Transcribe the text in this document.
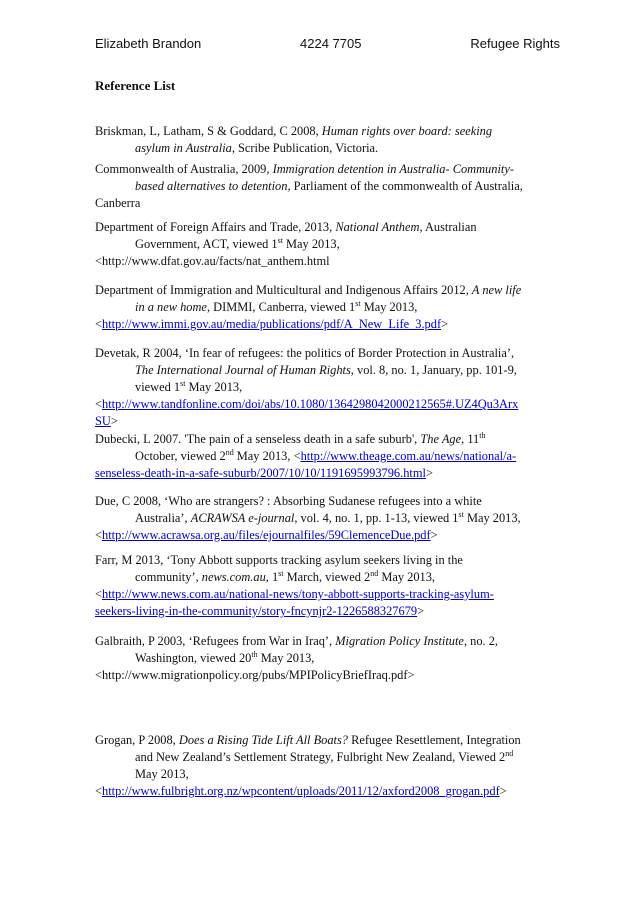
Elizabeth Brandon	4224 7705	Refugee Rights
Reference List
Briskman, L, Latham, S & Goddard, C 2008, Human rights over board: seeking
asylum in Australia, Scribe Publication, Victoria.
Commonwealth of Australia, 2009, Immigration detention in Australia- Community-
based alternatives to detention, Parliament of the commonwealth of Australia,
Canberra
Department of Foreign Affairs and Trade, 2013, National Anthem, Australian
Government, ACT, viewed 1st May 2013,
<http://www.dfat.gov.au/facts/nat_anthem.html
Department of Immigration and Multicultural and Indigenous Affairs 2012, A new life
in a new home, DIMMI, Canberra, viewed 1st May 2013,
<http://www.immi.gov.au/media/publications/pdf/A_New_Life_3.pdf>
Devetak, R 2004, ‘In fear of refugees: the politics of Border Protection in Australia’,
The International Journal of Human Rights, vol. 8, no. 1, January, pp. 101-9,
viewed 1st May 2013,
<http://www.tandfonline.com/doi/abs/10.1080/1364298042000212565#.UZ4Qu3Arx
SU>
Dubecki, L 2007. 'The pain of a senseless death in a safe suburb', The Age, 11th
October, viewed 2nd May 2013, <http://www.theage.com.au/news/national/a-
senseless-death-in-a-safe-suburb/2007/10/10/1191695993796.html>
Due, C 2008, ‘Who are strangers? : Absorbing Sudanese refugees into a white
Australia’, ACRAWSA e-journal, vol. 4, no. 1, pp. 1-13, viewed 1st May 2013,
<http://www.acrawsa.org.au/files/ejournalfiles/59ClemenceDue.pdf>
Farr, M 2013, ‘Tony Abbott supports tracking asylum seekers living in the
community’, news.com.au, 1st March, viewed 2nd May 2013,
<http://www.news.com.au/national-news/tony-abbott-supports-tracking-asylum-
seekers-living-in-the-community/story-fncynjr2-1226588327679>
Galbraith, P 2003, ‘Refugees from War in Iraq’, Migration Policy Institute, no. 2,
Washington, viewed 20th May 2013,
<http://www.migrationpolicy.org/pubs/MPIPolicyBriefIraq.pdf>
Grogan, P 2008, Does a Rising Tide Lift All Boats? Refugee Resettlement, Integration
and New Zealand’s Settlement Strategy, Fulbright New Zealand, Viewed 2nd
May 2013,
<http://www.fulbright.org.nz/wpcontent/uploads/2011/12/axford2008_grogan.pdf>
